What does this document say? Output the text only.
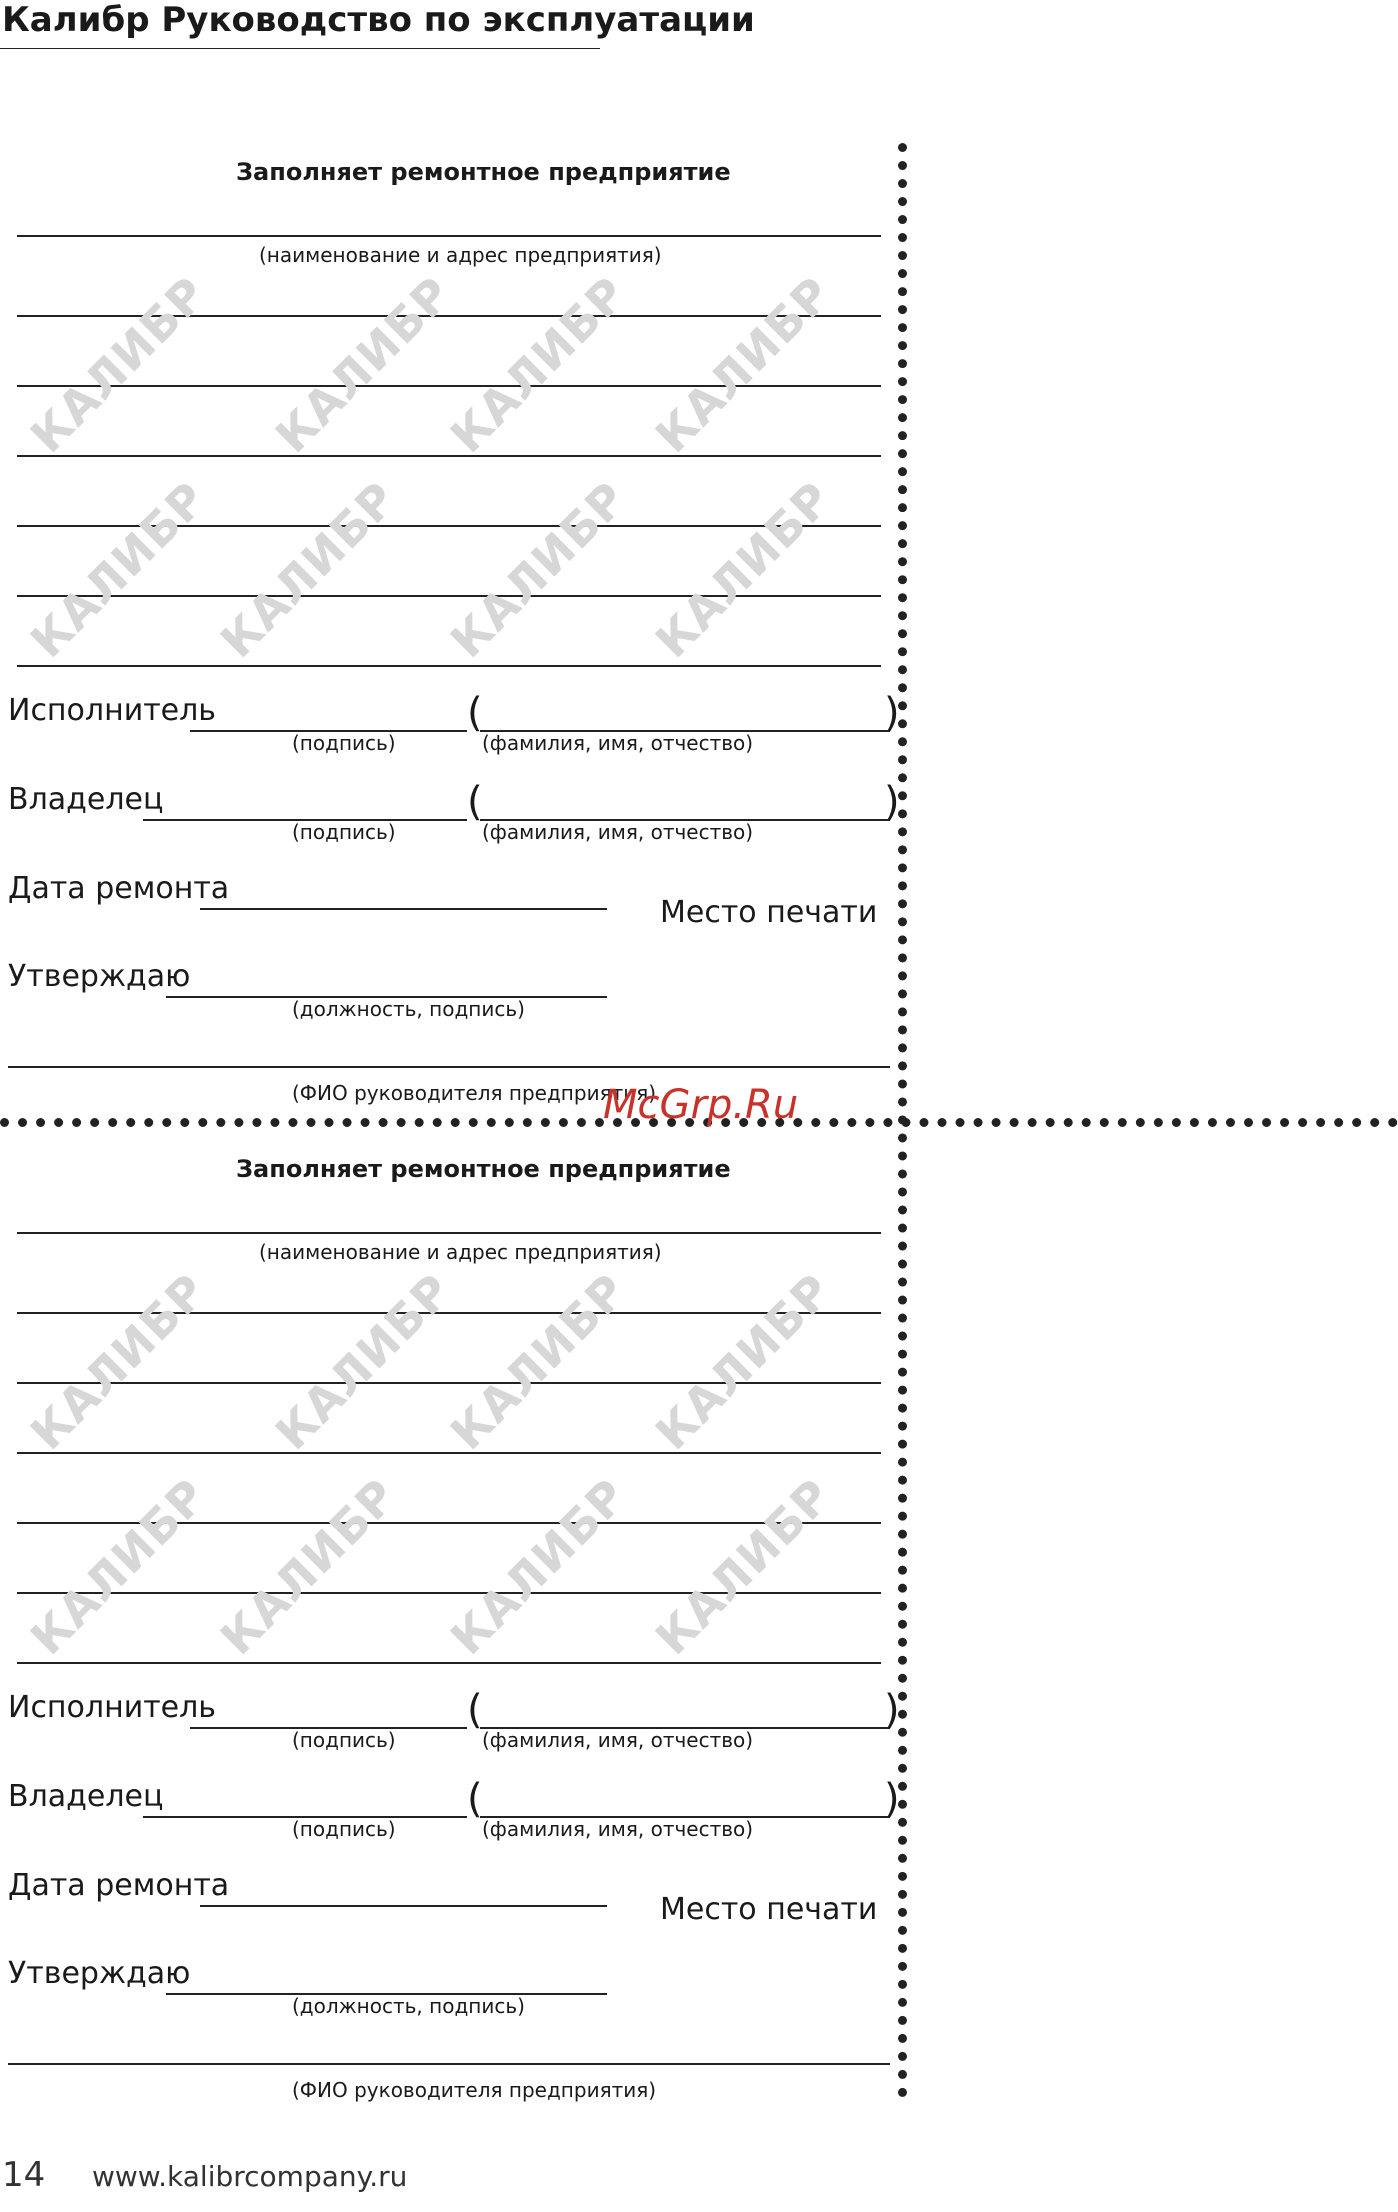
Калибр Руководство по эксплуатации
Заполняет ремонтное предприятие
(наименование и адрес предприятия)
Исполнитель	(	)
(подпись)	(фамилия, имя, отчество)
Владелец	(	)
(подпись)	(фамилия, имя, отчество)
Дата ремонта
Место печати
Утверждаю
(должность, подпись)
(ФИО руководителя предприятия)
КАЛИБР КАЛИБР
КАЛИБР КАЛИБР
КАЛИБР
КАЛИБР КАЛИБР КАЛИБР
Заполняет ремонтное предприятие
(наименование и адрес предприятия)
Исполнитель	(	)
(подпись)	(фамилия, имя, отчество)
Владелец	(	)
(подпись)	(фамилия, имя, отчество)
Дата ремонта
Место печати
Утверждаю
(должность, подпись)
(ФИО руководителя предприятия)
КАЛИБР КАЛИБР
КАЛИБР КАЛИБР
КАЛИБР
КАЛИБР КАЛИБР КАЛИБР
McGrp.Ru
14 www.kalibrcompany.ru
